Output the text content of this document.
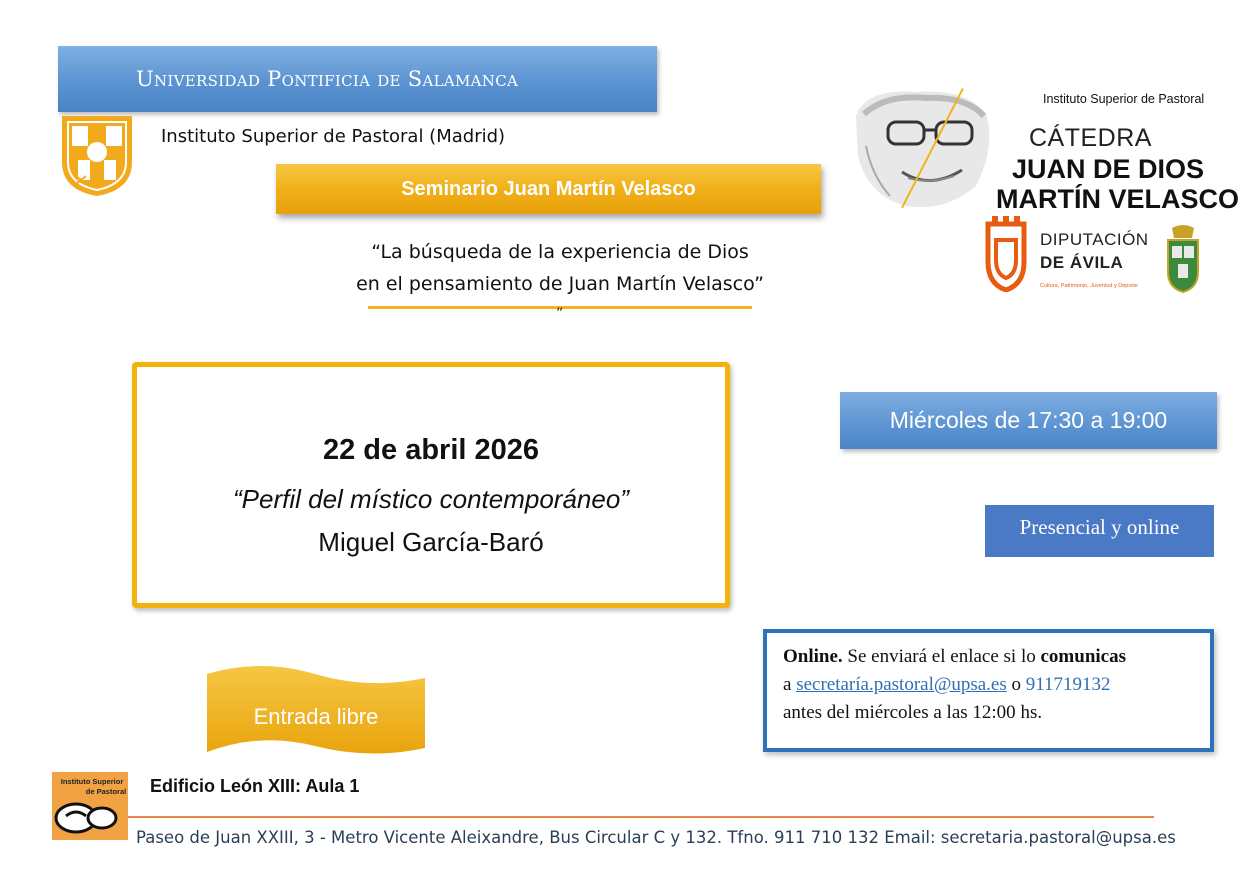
Universidad Pontificia de Salamanca
Instituto Superior de Pastoral (Madrid)
Seminario Juan Martín Velasco
“La búsqueda de la experiencia de Dios
en el pensamiento de Juan Martín Velasco”
”
Instituto Superior de Pastoral
CÁTEDRA
JUAN DE DIOS
MARTÍN VELASCO
DIPUTACIÓN
DE ÁVILA
Cultura, Patrimonio, Juventud y Deporte
22 de abril 2026
“Perfil del místico contemporáneo”
Miguel García-Baró
Miércoles de 17:30 a 19:00
Presencial y online
Online. Se enviará el enlace si lo comunicas
a secretaría.pastoral@upsa.es o 911719132
antes del miércoles a las 12:00 hs.
Entrada libre
Instituto Superior
de Pastoral Edificio León XIII: Aula 1
Paseo de Juan XXIII, 3 - Metro Vicente Aleixandre, Bus Circular C y 132. Tfno. 911 710 132 Email: secretaria.pastoral@upsa.es
